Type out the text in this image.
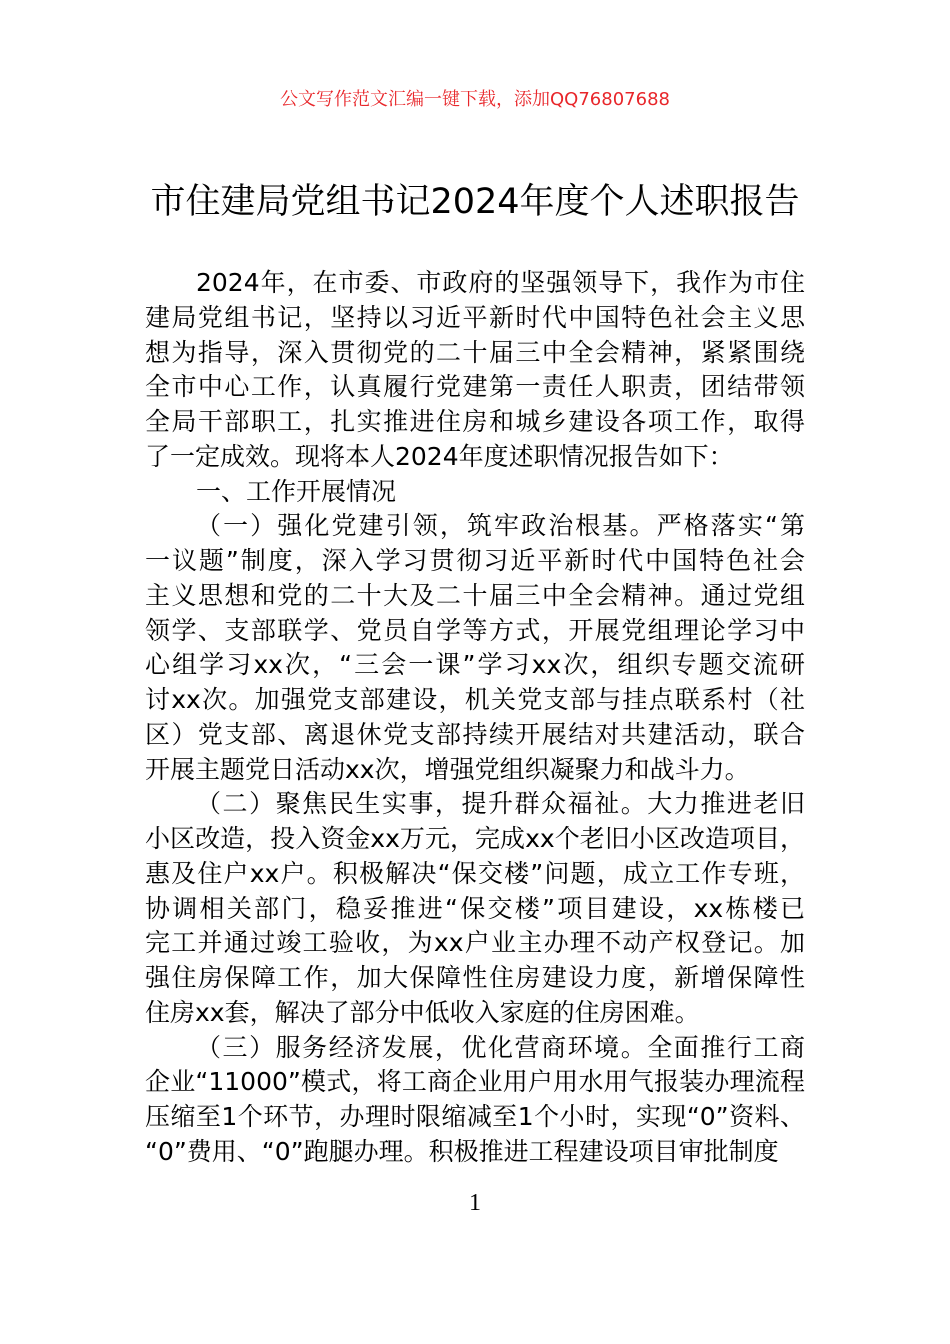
公文写作范文汇编一键下载，添加QQ76807688
市住建局党组书记2024年度个人述职报告
2024年，在市委、市政府的坚强领导下，我作为市住
建局党组书记，坚持以习近平新时代中国特色社会主义思
想为指导，深入贯彻党的二十届三中全会精神，紧紧围绕
全市中心工作，认真履行党建第一责任人职责，团结带领
全局干部职工，扎实推进住房和城乡建设各项工作，取得
了一定成效。现将本人2024年度述职情况报告如下：
一、工作开展情况
（一）强化党建引领，筑牢政治根基。严格落实“第
一议题”制度，深入学习贯彻习近平新时代中国特色社会
主义思想和党的二十大及二十届三中全会精神。通过党组
领学、支部联学、党员自学等方式，开展党组理论学习中
心组学习xx次，“三会一课”学习xx次，组织专题交流研
讨xx次。加强党支部建设，机关党支部与挂点联系村（社
区）党支部、离退休党支部持续开展结对共建活动，联合
开展主题党日活动xx次，增强党组织凝聚力和战斗力。
（二）聚焦民生实事，提升群众福祉。大力推进老旧
小区改造，投入资金xx万元，完成xx个老旧小区改造项目，
惠及住户xx户。积极解决“保交楼”问题，成立工作专班，
协调相关部门，稳妥推进“保交楼”项目建设，xx栋楼已
完工并通过竣工验收，为xx户业主办理不动产权登记。加
强住房保障工作，加大保障性住房建设力度，新增保障性
住房xx套，解决了部分中低收入家庭的住房困难。
（三）服务经济发展，优化营商环境。全面推行工商
企业“11000”模式，将工商企业用户用水用气报装办理流程
压缩至1个环节，办理时限缩减至1个小时，实现“0”资料、
“0”费用、“0”跑腿办理。积极推进工程建设项目审批制度
1
